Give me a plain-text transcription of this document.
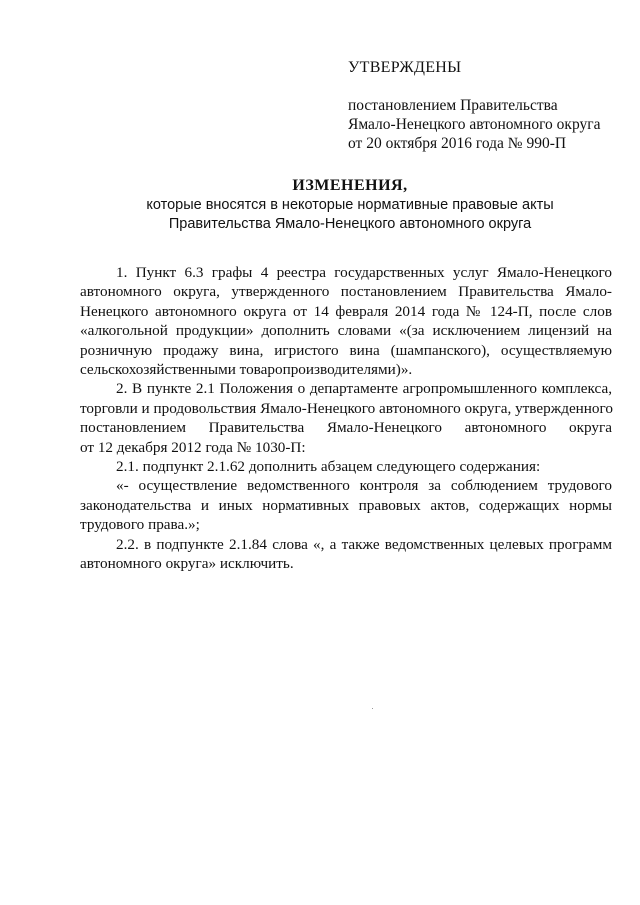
УТВЕРЖДЕНЫ
постановлением Правительства
Ямало-Ненецкого автономного округа
от 20 октября 2016 года № 990-П
ИЗМЕНЕНИЯ,
которые вносятся в некоторые нормативные правовые акты
Правительства Ямало-Ненецкого автономного округа
1. Пункт 6.3 графы 4 реестра государственных услуг Ямало-Ненецкого
автономного округа, утвержденного постановлением Правительства Ямало-
Ненецкого автономного округа от 14 февраля 2014 года № 124-П, после слов
«алкогольной продукции» дополнить словами «(за исключением лицензий на
розничную продажу вина, игристого вина (шампанского), осуществляемую
сельскохозяйственными товаропроизводителями)».
2. В пункте 2.1 Положения о департаменте агропромышленного комплекса,
торговли и продовольствия Ямало-Ненецкого автономного округа, утвержденного
постановлением Правительства Ямало-Ненецкого автономного округа
от 12 декабря 2012 года № 1030-П:
2.1. подпункт 2.1.62 дополнить абзацем следующего содержания:
«- осуществление ведомственного контроля за соблюдением трудового
законодательства и иных нормативных правовых актов, содержащих нормы
трудового права.»;
2.2. в подпункте 2.1.84 слова «, а также ведомственных целевых программ
автономного округа» исключить.
